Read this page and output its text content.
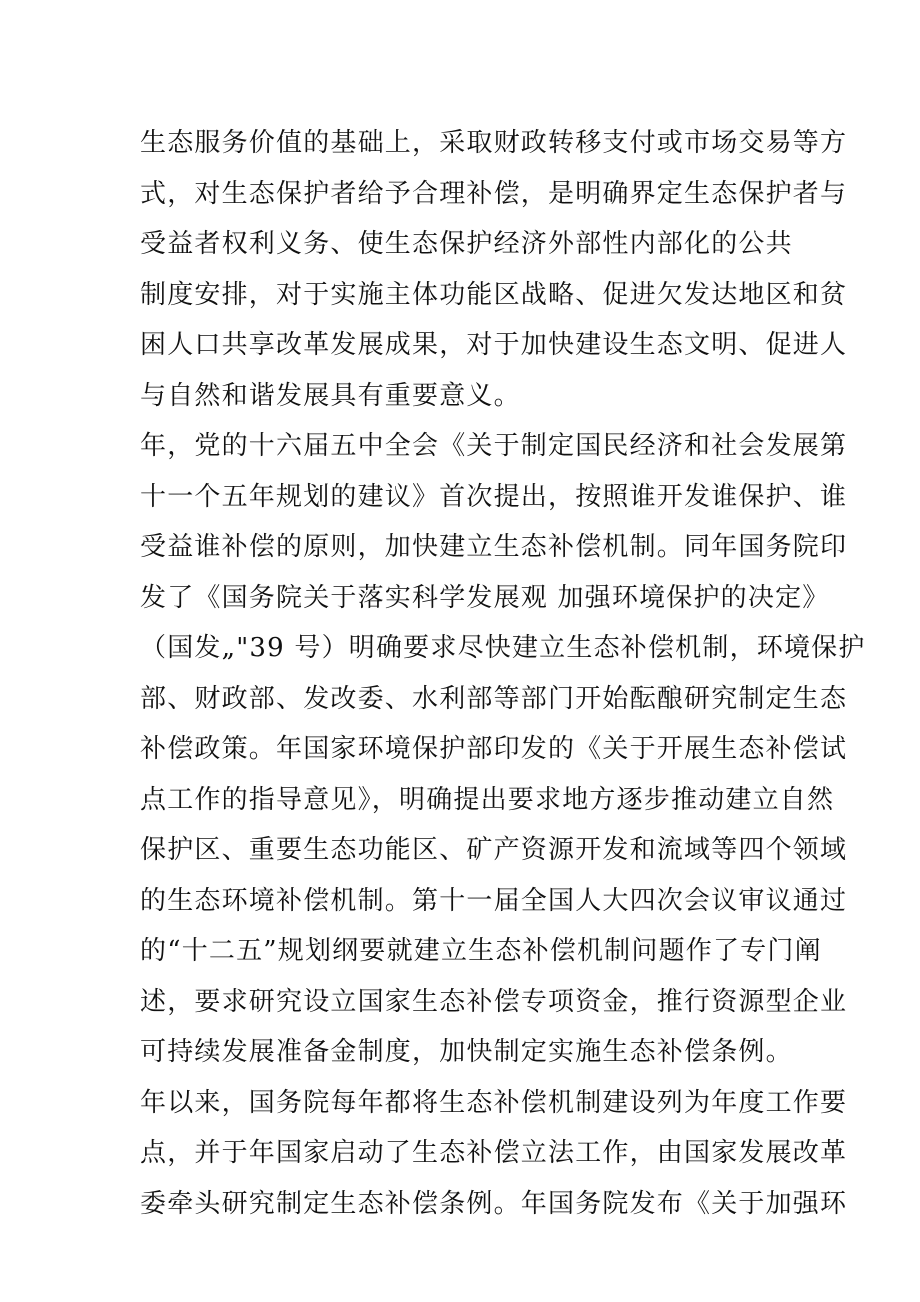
生态服务价值的基础上，采取财政转移支付或市场交易等方
式，对生态保护者给予合理补偿，是明确界定生态保护者与
受益者权利义务、使生态保护经济外部性内部化的公共
制度安排，对于实施主体功能区战略、促进欠发达地区和贫
困人口共享改革发展成果，对于加快建设生态文明、促进人
与自然和谐发展具有重要意义。
年，党的十六届五中全会《关于制定国民经济和社会发展第
十一个五年规划的建议》首次提出，按照谁开发谁保护、谁
受益谁补偿的原则，加快建立生态补偿机制。同年国务院印
发了《国务院关于落实科学发展观 加强环境保护的决定》
（国发„"39 号）明确要求尽快建立生态补偿机制，环境保护
部、财政部、发改委、水利部等部门开始酝酿研究制定生态
补偿政策。年国家环境保护部印发的《关于开展生态补偿试
点工作的指导意见》，明确提出要求地方逐步推动建立自然
保护区、重要生态功能区、矿产资源开发和流域等四个领域
的生态环境补偿机制。第十一届全国人大四次会议审议通过
的“十二五”规划纲要就建立生态补偿机制问题作了专门阐
述，要求研究设立国家生态补偿专项资金，推行资源型企业
可持续发展准备金制度，加快制定实施生态补偿条例。
年以来，国务院每年都将生态补偿机制建设列为年度工作要
点，并于年国家启动了生态补偿立法工作，由国家发展改革
委牵头研究制定生态补偿条例。年国务院发布《关于加强环
